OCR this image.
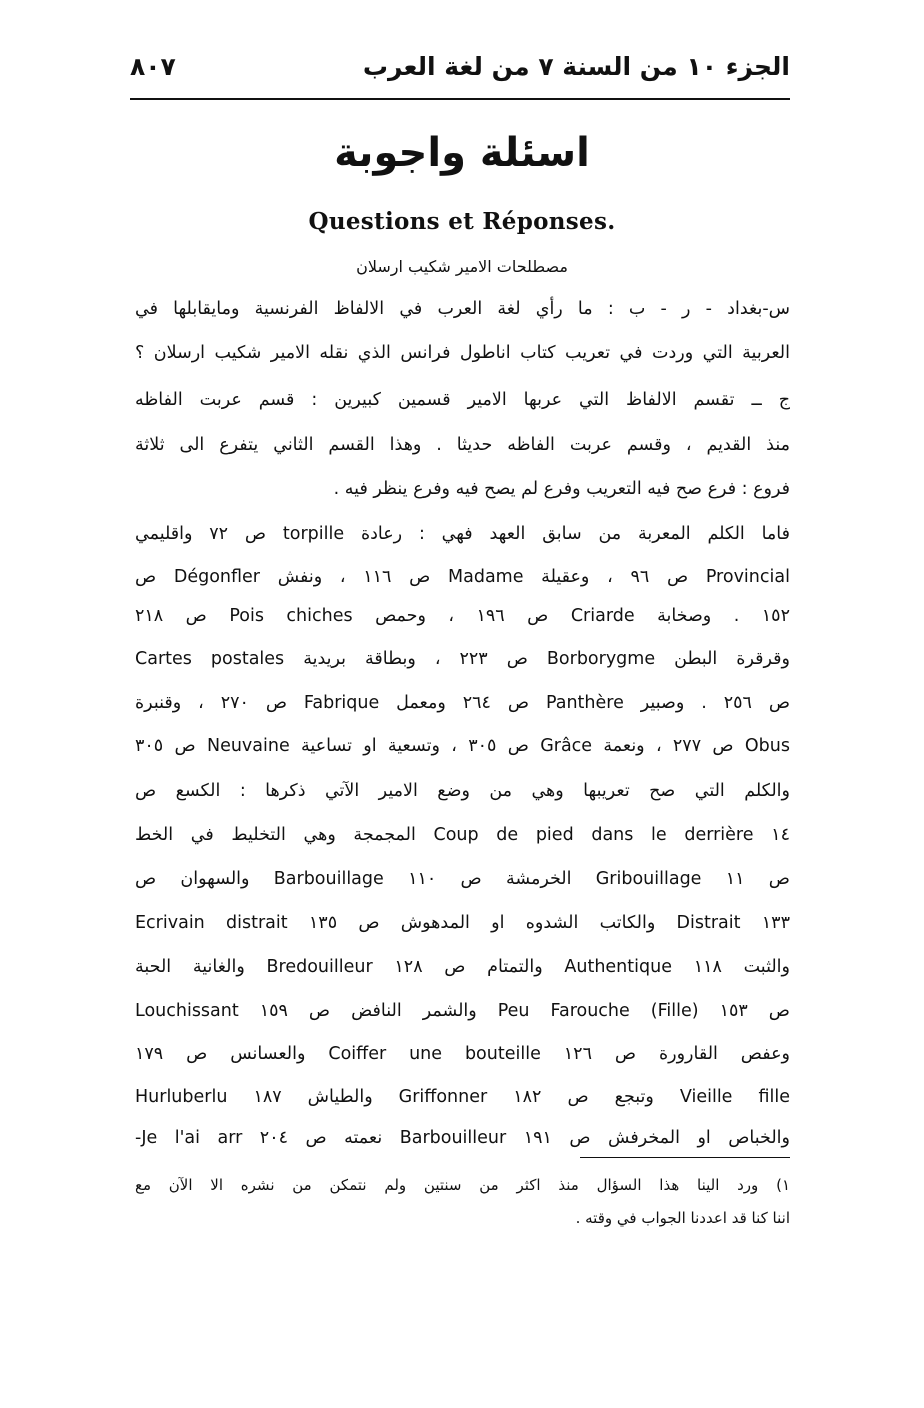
الجزء ١٠ من السنة ٧ من لغة العرب
٨٠٧
اسئلة واجوبة
Questions et Réponses.
مصطلحات الامير شكيب ارسلان
س-بغداد - ر - ب : ما رأي لغة العرب في الالفاظ الفرنسية ومايقابلها في
العربية التي وردت في تعريب كتاب اناطول فرانس الذي نقله الامير شكيب ارسلان ؟
ج ــ تقسم الالفاظ التي عربها الامير قسمين كبيرين : قسم عربت الفاظه
منذ القديم ، وقسم عربت الفاظه حديثا . وهذا القسم الثاني يتفرع الى ثلاثة
فروع : فرع صح فيه التعريب وفرع لم يصح فيه وفرع ينظر فيه .
فاما الكلم المعربة من سابق العهد فهي : رعادة torpille ص ٧٢ واقليمي
Provincial ص ٩٦ ، وعقيلة Madame ص ١١٦ ، ونفش Dégonfler ص
١٥٢ . وصخابة Criarde ص ١٩٦ ، وحمص Pois chiches ص ٢١٨
وقرقرة البطن Borborygme ص ٢٢٣ ، وبطاقة بريدية Cartes postales
ص ٢٥٦ . وصبير Panthère ص ٢٦٤ ومعمل Fabrique ص ٢٧٠ ، وقنبرة
Obus ص ٢٧٧ ، ونعمة Grâce ص ٣٠٥ ، وتسعية او تساعية Neuvaine ص ٣٠٥
والكلم التي صح تعريبها وهي من وضع الامير الآتي ذكرها : الكسع ص
١٤ Coup de pied dans le derrière المجمجة وهي التخليط في الخط
ص ١١ Gribouillage الخرمشة ص ١١٠ Barbouillage والسهوان ص
١٣٣ Distrait والكاتب الشدوه او المدهوش ص ١٣٥ Ecrivain distrait
والثبت ١١٨ Authentique والتمتام ص ١٢٨ Bredouilleur والغانية الحبة
ص ١٥٣ Peu Farouche (Fille) والشمر النافض ص ١٥٩ Louchissant
وعفص القارورة ص ١٢٦ Coiffer une bouteille والعسانس ص ١٧٩
Vieille fille وتبجع ص ١٨٢ Griffonner والطياش ١٨٧ Hurluberlu
والخباص او المخرفش ص ١٩١ Barbouilleur نعمته ص ٢٠٤ Je l'ai arr-
١) ورد الينا هذا السؤال منذ اكثر من سنتين ولم نتمكن من نشره الا الآن مع
اننا كنا قد اعددنا الجواب في وقته .
